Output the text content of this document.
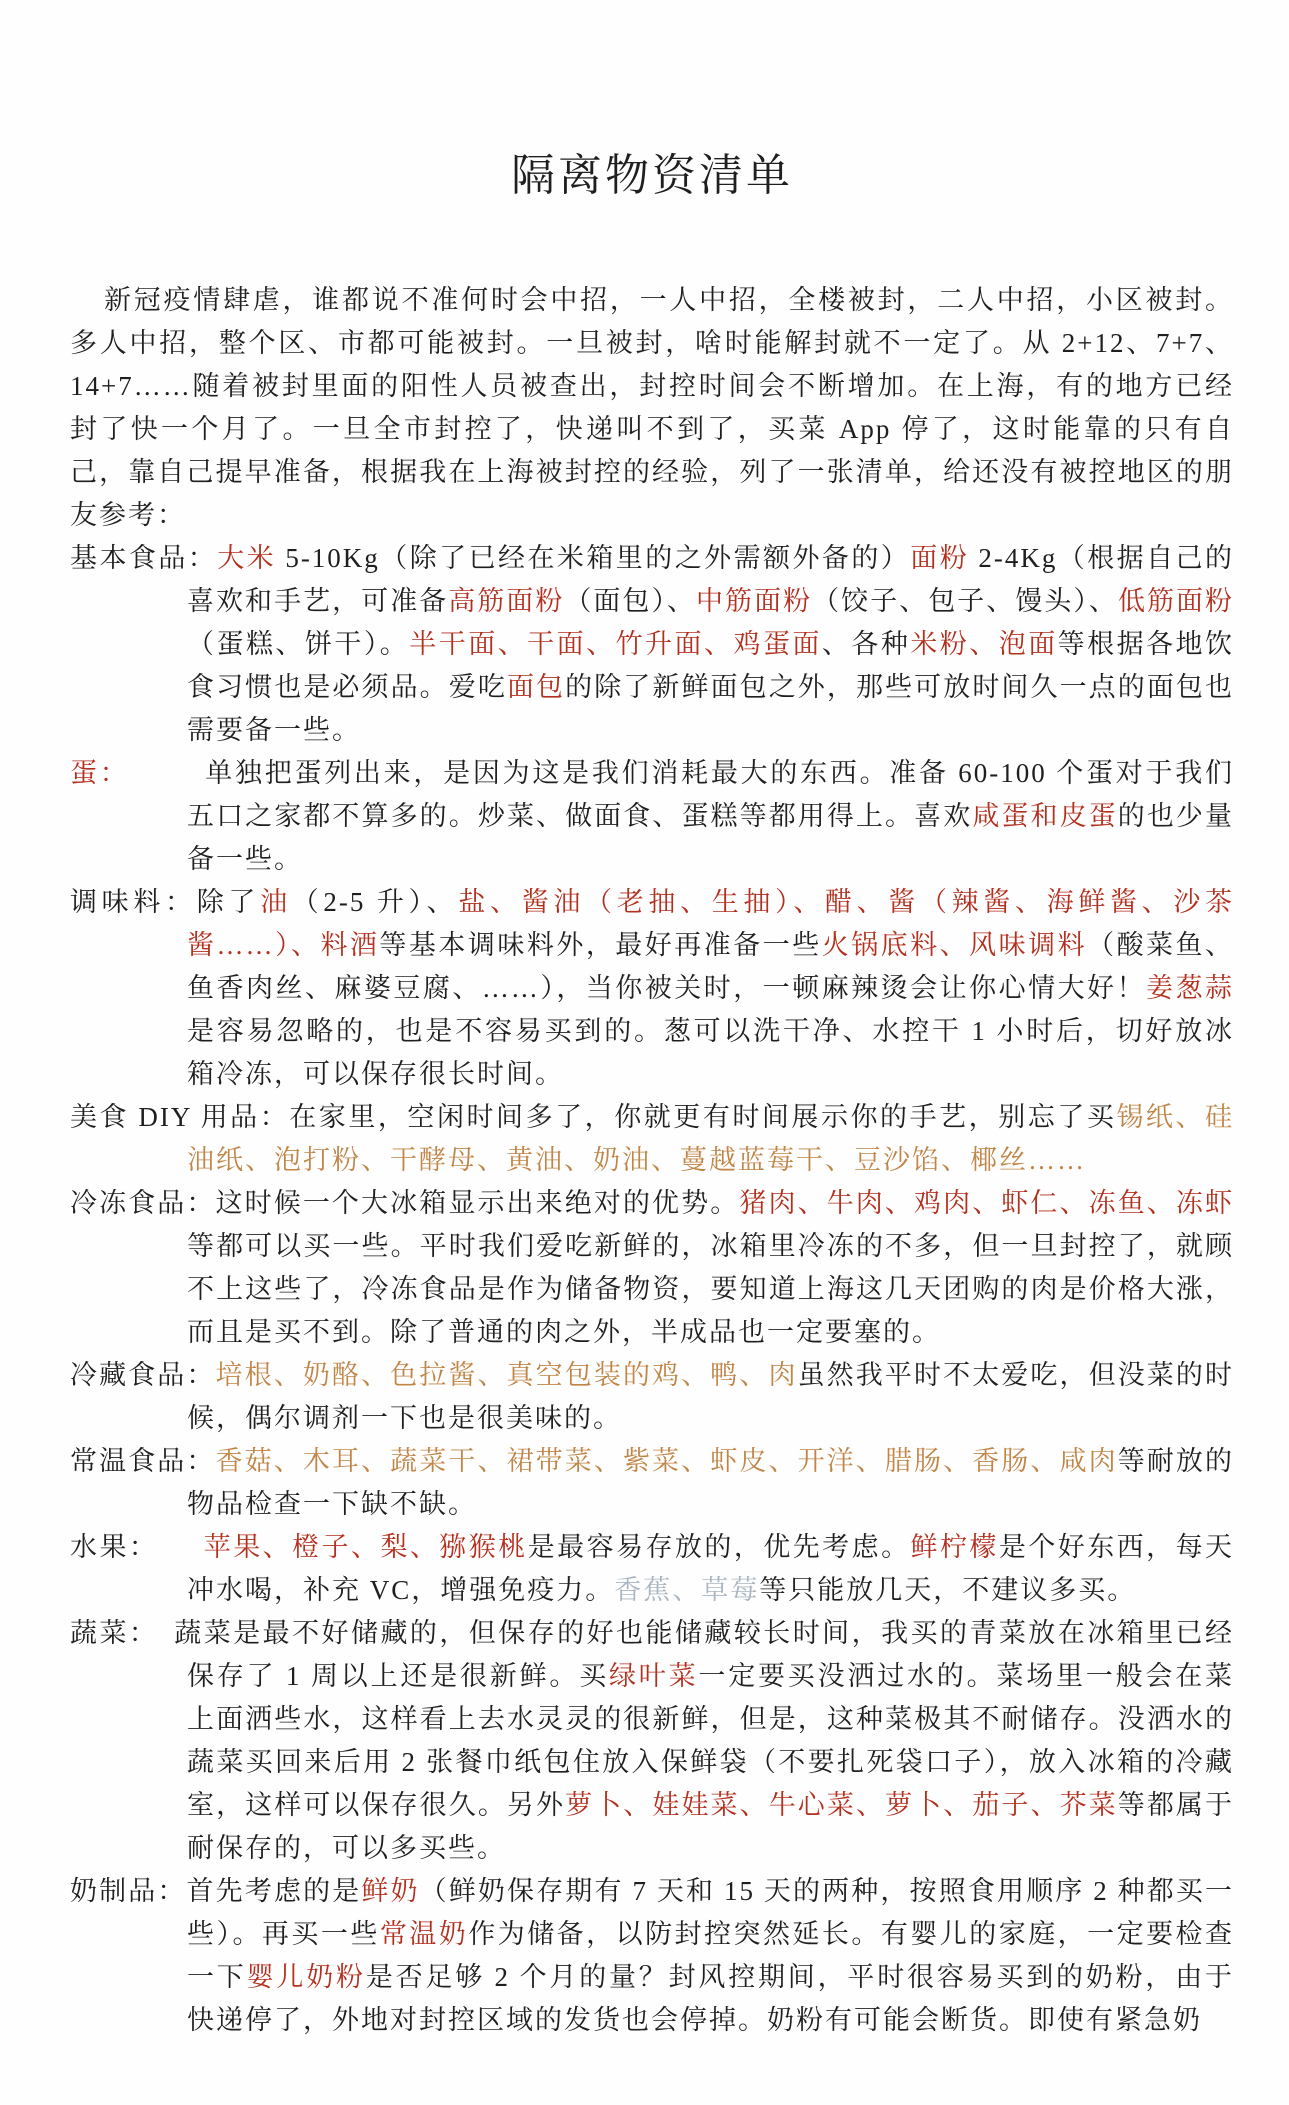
隔离物资清单

新冠疫情肆虐，谁都说不准何时会中招，一人中招，全楼被封，二人中招，小区被封。多人中招，整个区、市都可能被封。一旦被封，啥时能解封就不一定了。从 2+12、7+7、14+7……随着被封里面的阳性人员被查出，封控时间会不断增加。在上海，有的地方已经封了快一个月了。一旦全市封控了，快递叫不到了，买菜 App 停了，这时能靠的只有自己，靠自己提早准备，根据我在上海被封控的经验，列了一张清单，给还没有被控地区的朋友参考：

基本食品：大米 5-10Kg（除了已经在米箱里的之外需额外备的）面粉 2-4Kg（根据自己的喜欢和手艺，可准备高筋面粉（面包）、中筋面粉（饺子、包子、馒头）、低筋面粉（蛋糕、饼干）。半干面、干面、竹升面、鸡蛋面、各种米粉、泡面等根据各地饮食习惯也是必须品。爱吃面包的除了新鲜面包之外，那些可放时间久一点的面包也需要备一些。

蛋：　　　单独把蛋列出来，是因为这是我们消耗最大的东西。准备 60-100 个蛋对于我们五口之家都不算多的。炒菜、做面食、蛋糕等都用得上。喜欢咸蛋和皮蛋的也少量备一些。

调味料：除了油（2-5 升）、盐、酱油（老抽、生抽）、醋、酱（辣酱、海鲜酱、沙茶酱……）、料酒等基本调味料外，最好再准备一些火锅底料、风味调料（酸菜鱼、鱼香肉丝、麻婆豆腐、……），当你被关时，一顿麻辣烫会让你心情大好！姜葱蒜是容易忽略的，也是不容易买到的。葱可以洗干净、水控干 1 小时后，切好放冰箱冷冻，可以保存很长时间。

美食 DIY 用品：在家里，空闲时间多了，你就更有时间展示你的手艺，别忘了买锡纸、硅油纸、泡打粉、干酵母、黄油、奶油、蔓越蓝莓干、豆沙馅、椰丝……

冷冻食品：这时候一个大冰箱显示出来绝对的优势。猪肉、牛肉、鸡肉、虾仁、冻鱼、冻虾等都可以买一些。平时我们爱吃新鲜的，冰箱里冷冻的不多，但一旦封控了，就顾不上这些了，冷冻食品是作为储备物资，要知道上海这几天团购的肉是价格大涨，而且是买不到。除了普通的肉之外，半成品也一定要塞的。

冷藏食品：培根、奶酪、色拉酱、真空包装的鸡、鸭、肉虽然我平时不太爱吃，但没菜的时候，偶尔调剂一下也是很美味的。

常温食品：香菇、木耳、蔬菜干、裙带菜、紫菜、虾皮、开洋、腊肠、香肠、咸肉等耐放的物品检查一下缺不缺。

水果：　　苹果、橙子、梨、猕猴桃是最容易存放的，优先考虑。鲜柠檬是个好东西，每天冲水喝，补充 VC，增强免疫力。香蕉、草莓等只能放几天，不建议多买。

蔬菜：　蔬菜是最不好储藏的，但保存的好也能储藏较长时间，我买的青菜放在冰箱里已经保存了 1 周以上还是很新鲜。买绿叶菜一定要买没洒过水的。菜场里一般会在菜上面洒些水，这样看上去水灵灵的很新鲜，但是，这种菜极其不耐储存。没洒水的蔬菜买回来后用 2 张餐巾纸包住放入保鲜袋（不要扎死袋口子），放入冰箱的冷藏室，这样可以保存很久。另外萝卜、娃娃菜、牛心菜、萝卜、茄子、芥菜等都属于耐保存的，可以多买些。

奶制品：首先考虑的是鲜奶（鲜奶保存期有 7 天和 15 天的两种，按照食用顺序 2 种都买一些）。再买一些常温奶作为储备，以防封控突然延长。有婴儿的家庭，一定要检查一下婴儿奶粉是否足够 2 个月的量？封风控期间，平时很容易买到的奶粉，由于快递停了，外地对封控区域的发货也会停掉。奶粉有可能会断货。即使有紧急奶
